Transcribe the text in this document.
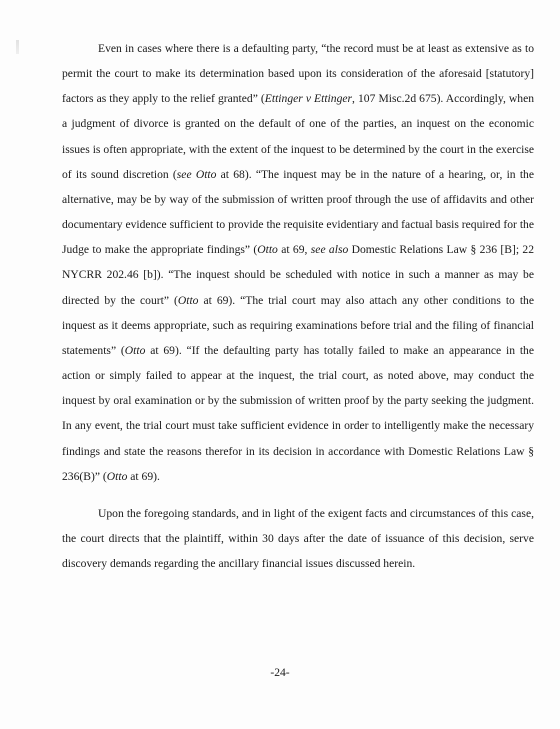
Even in cases where there is a defaulting party, “the record must be at least as extensive as to permit the court to make its determination based upon its consideration of the aforesaid [statutory] factors as they apply to the relief granted” (Ettinger v Ettinger, 107 Misc.2d 675). Accordingly, when a judgment of divorce is granted on the default of one of the parties, an inquest on the economic issues is often appropriate, with the extent of the inquest to be determined by the court in the exercise of its sound discretion (see Otto at 68). “The inquest may be in the nature of a hearing, or, in the alternative, may be by way of the submission of written proof through the use of affidavits and other documentary evidence sufficient to provide the requisite evidentiary and factual basis required for the Judge to make the appropriate findings” (Otto at 69, see also Domestic Relations Law § 236 [B]; 22 NYCRR 202.46 [b]). “The inquest should be scheduled with notice in such a manner as may be directed by the court” (Otto at 69). “The trial court may also attach any other conditions to the inquest as it deems appropriate, such as requiring examinations before trial and the filing of financial statements” (Otto at 69). “If the defaulting party has totally failed to make an appearance in the action or simply failed to appear at the inquest, the trial court, as noted above, may conduct the inquest by oral examination or by the submission of written proof by the party seeking the judgment. In any event, the trial court must take sufficient evidence in order to intelligently make the necessary findings and state the reasons therefor in its decision in accordance with Domestic Relations Law § 236(B)” (Otto at 69).

Upon the foregoing standards, and in light of the exigent facts and circumstances of this case, the court directs that the plaintiff, within 30 days after the date of issuance of this decision, serve discovery demands regarding the ancillary financial issues discussed herein.

-24-
